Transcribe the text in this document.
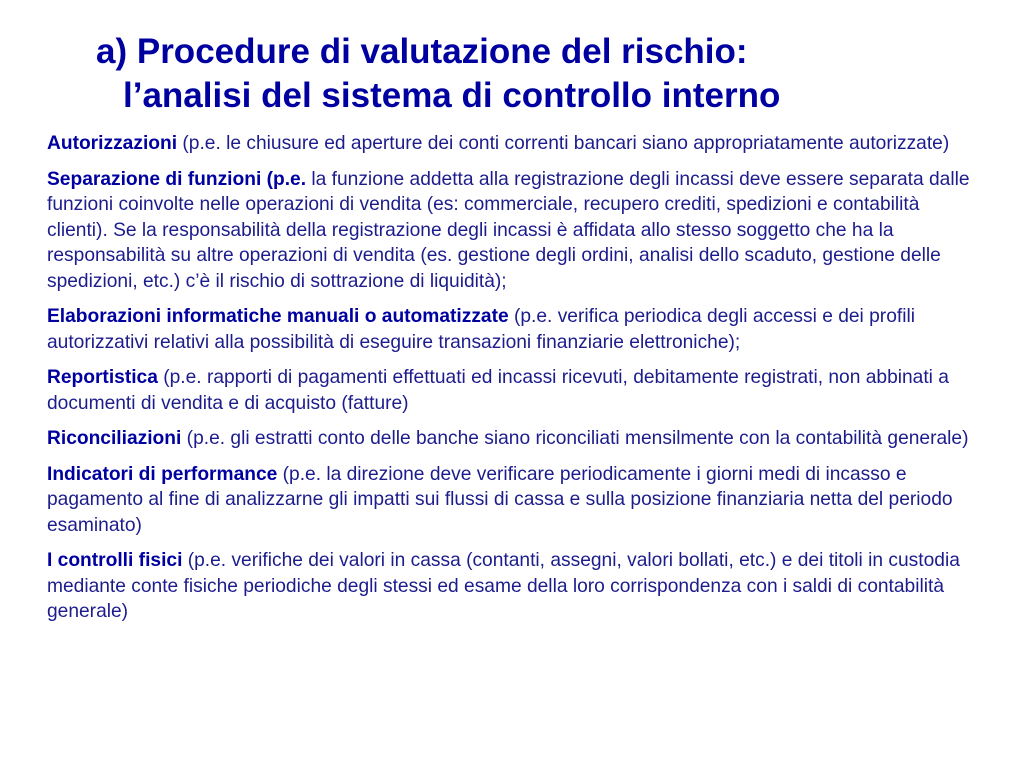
a) Procedure di valutazione del rischio:
l’analisi del sistema di controllo interno

Autorizzazioni (p.e. le chiusure ed aperture dei conti correnti bancari siano appropriatamente autorizzate)

Separazione di funzioni (p.e. la funzione addetta alla registrazione degli incassi deve essere separata dalle funzioni coinvolte nelle operazioni di vendita (es: commerciale, recupero crediti, spedizioni e contabilità clienti). Se la responsabilità della registrazione degli incassi è affidata allo stesso soggetto che ha la responsabilità su altre operazioni di vendita (es. gestione degli ordini, analisi dello scaduto, gestione delle spedizioni, etc.) c’è il rischio di sottrazione di liquidità);

Elaborazioni informatiche manuali o automatizzate (p.e. verifica periodica degli accessi e dei profili autorizzativi relativi alla possibilità di eseguire transazioni finanziarie elettroniche);

Reportistica (p.e. rapporti di pagamenti effettuati ed incassi ricevuti, debitamente registrati, non abbinati a documenti di vendita e di acquisto (fatture)

Riconciliazioni (p.e. gli estratti conto delle banche siano riconciliati mensilmente con la contabilità generale)

Indicatori di performance (p.e. la direzione deve verificare periodicamente i giorni medi di incasso e pagamento al fine di analizzarne gli impatti sui flussi di cassa e sulla posizione finanziaria netta del periodo esaminato)

I controlli fisici (p.e. verifiche dei valori in cassa (contanti, assegni, valori bollati, etc.) e dei titoli in custodia mediante conte fisiche periodiche degli stessi ed esame della loro corrispondenza con i saldi di contabilità generale)
